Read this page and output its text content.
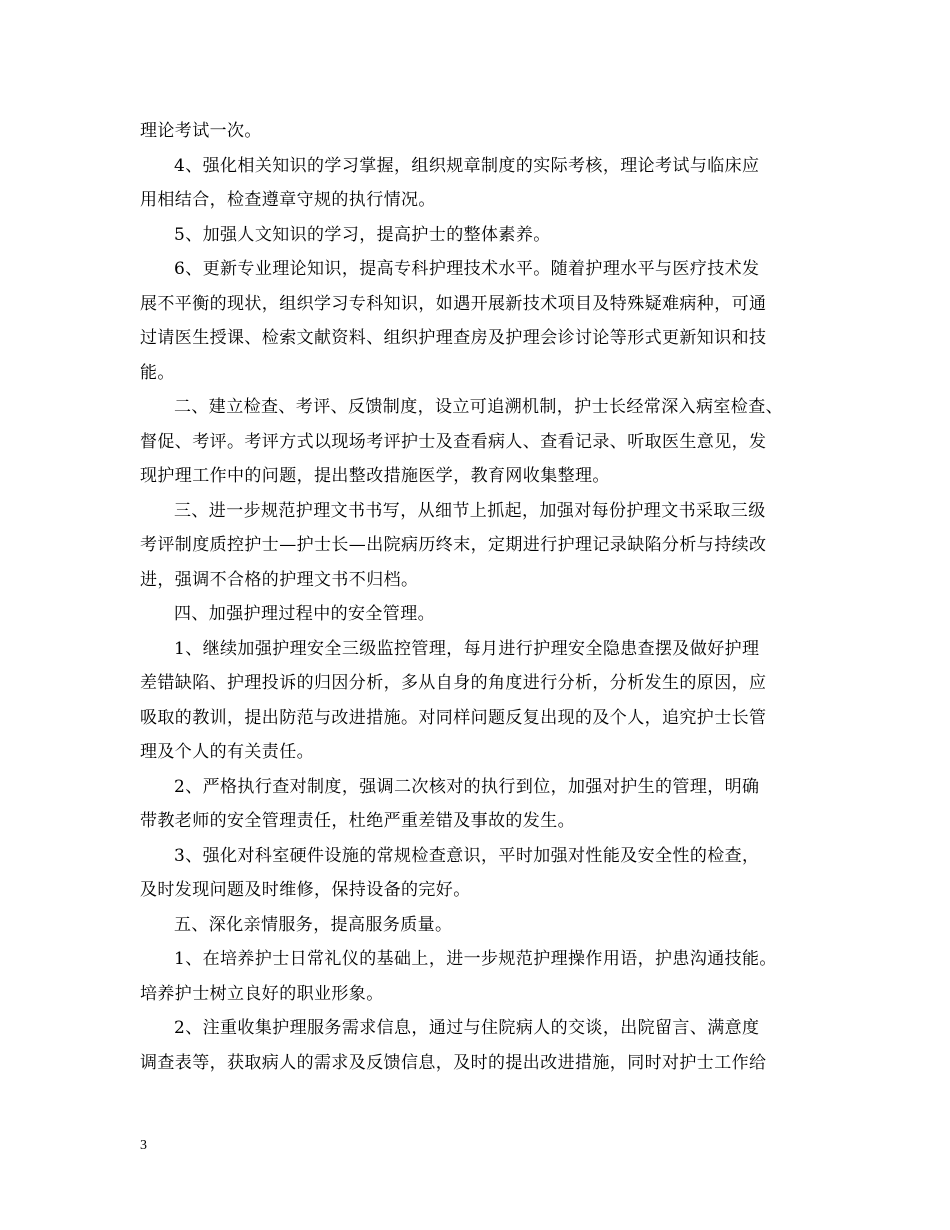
理论考试一次。

4、强化相关知识的学习掌握，组织规章制度的实际考核，理论考试与临床应
用相结合，检查遵章守规的执行情况。

5、加强人文知识的学习，提高护士的整体素养。

6、更新专业理论知识，提高专科护理技术水平。随着护理水平与医疗技术发
展不平衡的现状，组织学习专科知识，如遇开展新技术项目及特殊疑难病种，可通
过请医生授课、检索文献资料、组织护理查房及护理会诊讨论等形式更新知识和技
能。

二、建立检查、考评、反馈制度，设立可追溯机制，护士长经常深入病室检查、
督促、考评。考评方式以现场考评护士及查看病人、查看记录、听取医生意见，发
现护理工作中的问题，提出整改措施医学，教育网收集整理。

三、进一步规范护理文书书写，从细节上抓起，加强对每份护理文书采取三级
考评制度质控护士—护士长—出院病历终末，定期进行护理记录缺陷分析与持续改
进，强调不合格的护理文书不归档。

四、加强护理过程中的安全管理。

1、继续加强护理安全三级监控管理，每月进行护理安全隐患查摆及做好护理
差错缺陷、护理投诉的归因分析，多从自身的角度进行分析，分析发生的原因，应
吸取的教训，提出防范与改进措施。对同样问题反复出现的及个人，追究护士长管
理及个人的有关责任。

2、严格执行查对制度，强调二次核对的执行到位，加强对护生的管理，明确
带教老师的安全管理责任，杜绝严重差错及事故的发生。

3、强化对科室硬件设施的常规检查意识，平时加强对性能及安全性的检查，
及时发现问题及时维修，保持设备的完好。

五、深化亲情服务，提高服务质量。

1、在培养护士日常礼仪的基础上，进一步规范护理操作用语，护患沟通技能。
培养护士树立良好的职业形象。

2、注重收集护理服务需求信息，通过与住院病人的交谈，出院留言、满意度
调查表等，获取病人的需求及反馈信息，及时的提出改进措施，同时对护士工作给

3
